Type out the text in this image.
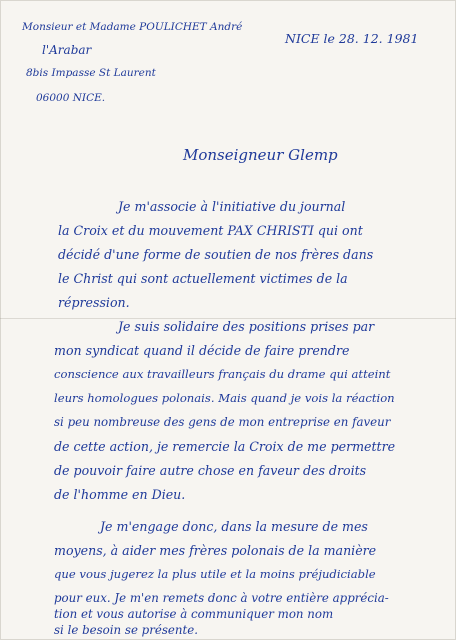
Monsieur et Madame POULICHET André
l'Arabar
8bis Impasse St Laurent
06000 NICE.
NICE le 28. 12. 1981
Monseigneur Glemp
Je m'associe à l'initiative du journal
la Croix et du mouvement PAX CHRISTI qui ont
décidé d'une forme de soutien de nos frères dans
le Christ qui sont actuellement victimes de la
répression.
Je suis solidaire des positions prises par
mon syndicat quand il décide de faire prendre
conscience aux travailleurs français du drame qui atteint
leurs homologues polonais. Mais quand je vois la réaction
si peu nombreuse des gens de mon entreprise en faveur
de cette action, je remercie la Croix de me permettre
de pouvoir faire autre chose en faveur des droits
de l'homme en Dieu.
Je m'engage donc, dans la mesure de mes
moyens, à aider mes frères polonais de la manière
que vous jugerez la plus utile et la moins préjudiciable
pour eux. Je m'en remets donc à votre entière apprécia-
tion et vous autorise à communiquer mon nom
si le besoin se présente.
